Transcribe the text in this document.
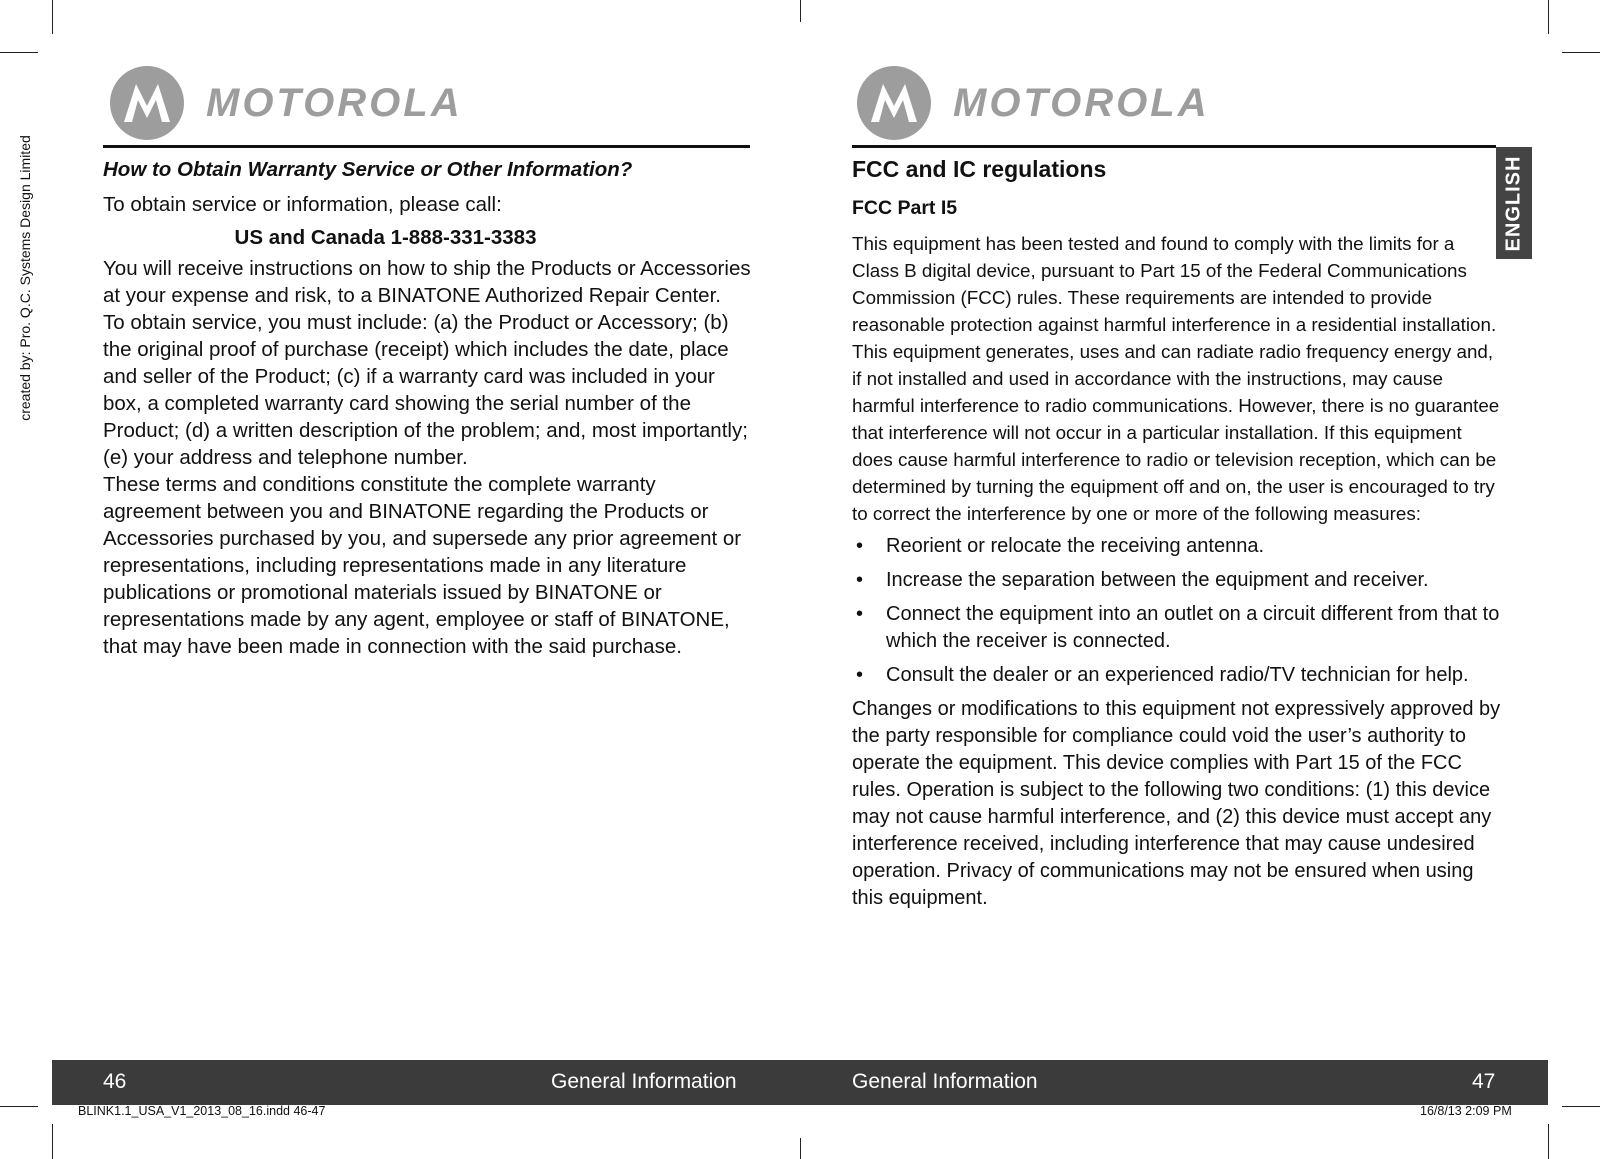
created by: Pro. Q.C. Systems Design Limited
MOTOROLA	MOTOROLA
ENGLISH

How to Obtain Warranty Service or Other Information?

To obtain service or information, please call:

US and Canada 1-888-331-3383

You will receive instructions on how to ship the Products or Accessories at your expense and risk, to a BINATONE Authorized Repair Center.

To obtain service, you must include: (a) the Product or Accessory; (b) the original proof of purchase (receipt) which includes the date, place and seller of the Product; (c) if a warranty card was included in your box, a completed warranty card showing the serial number of the Product; (d) a written description of the problem; and, most importantly; (e) your address and telephone number.

These terms and conditions constitute the complete warranty agreement between you and BINATONE regarding the Products or Accessories purchased by you, and supersede any prior agreement or representations, including representations made in any literature publications or promotional materials issued by BINATONE or representations made by any agent, employee or staff of BINATONE, that may have been made in connection with the said purchase.

FCC and IC regulations

FCC Part I5

This equipment has been tested and found to comply with the limits for a Class B digital device, pursuant to Part 15 of the Federal Communications Commission (FCC) rules. These requirements are intended to provide reasonable protection against harmful interference in a residential installation. This equipment generates, uses and can radiate radio frequency energy and, if not installed and used in accordance with the instructions, may cause harmful interference to radio communications. However, there is no guarantee that interference will not occur in a particular installation. If this equipment does cause harmful interference to radio or television reception, which can be determined by turning the equipment off and on, the user is encouraged to try to correct the interference by one or more of the following measures:

• Reorient or relocate the receiving antenna.
• Increase the separation between the equipment and receiver.
• Connect the equipment into an outlet on a circuit different from that to which the receiver is connected.
• Consult the dealer or an experienced radio/TV technician for help.

Changes or modifications to this equipment not expressively approved by the party responsible for compliance could void the user’s authority to operate the equipment. This device complies with Part 15 of the FCC rules. Operation is subject to the following two conditions: (1) this device may not cause harmful interference, and (2) this device must accept any interference received, including interference that may cause undesired operation. Privacy of communications may not be ensured when using this equipment.

46	General Information	General Information	47
BLINK1.1_USA_V1_2013_08_16.indd 46-47	16/8/13 2:09 PM
